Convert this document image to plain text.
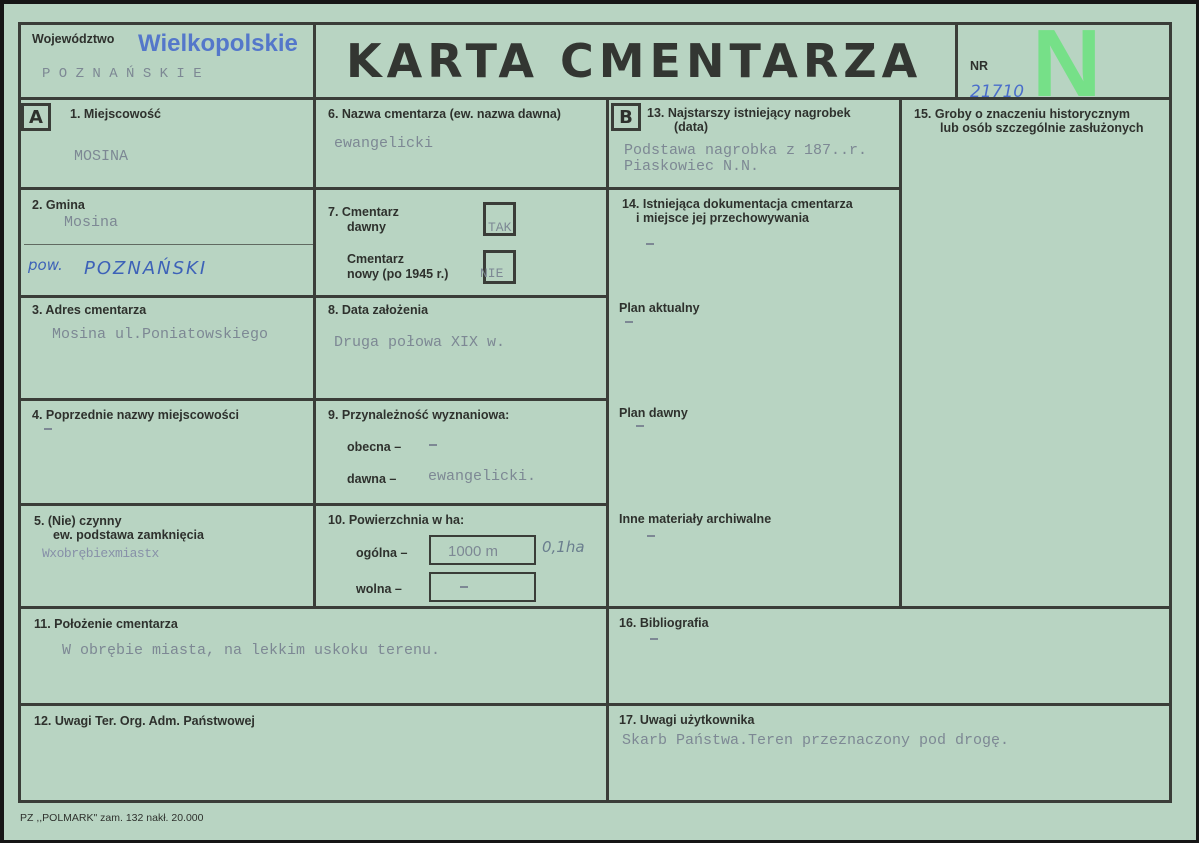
Województwo Wielkopolskie
P O Z N A Ń S K I E	KARTA CMENTARZA N
NR
21710
A	1. Miejscowość
MOSINA
2. Gmina
Mosina
pow. POZNAŃSKI
3. Adres cmentarza
Mosina ul.Poniatowskiego
4. Poprzednie nazwy miejscowości
5. (Nie) czynny
ew. podstawa zamknięcia
Wxobrębiexmiastx
6. Nazwa cmentarza (ew. nazwa dawna)
ewangelicki
7. Cmentarz
dawny	TAK
Cmentarz
nowy (po 1945 r.) NIE
8. Data założenia
Druga połowa XIX w.
9. Przynależność wyznaniowa:
obecna –
dawna – ewangelicki.
10. Powierzchnia w ha:
ogólna –	1000 m	0,1ha
wolna –
B	13. Najstarszy istniejący nagrobek
(data)
Podstawa nagrobka z 187..r.
Piaskowiec N.N.
14. Istniejąca dokumentacja cmentarza
i miejsce jej przechowywania
Plan aktualny
Plan dawny
Inne materiały archiwalne
15. Groby o znaczeniu historycznym
lub osób szczególnie zasłużonych
11. Położenie cmentarza
W obrębie miasta, na lekkim uskoku terenu.
16. Bibliografia
12. Uwagi Ter. Org. Adm. Państwowej	17. Uwagi użytkownika
Skarb Państwa.Teren przeznaczony pod drogę.
PZ ,,POLMARK" zam. 132 nakł. 20.000
